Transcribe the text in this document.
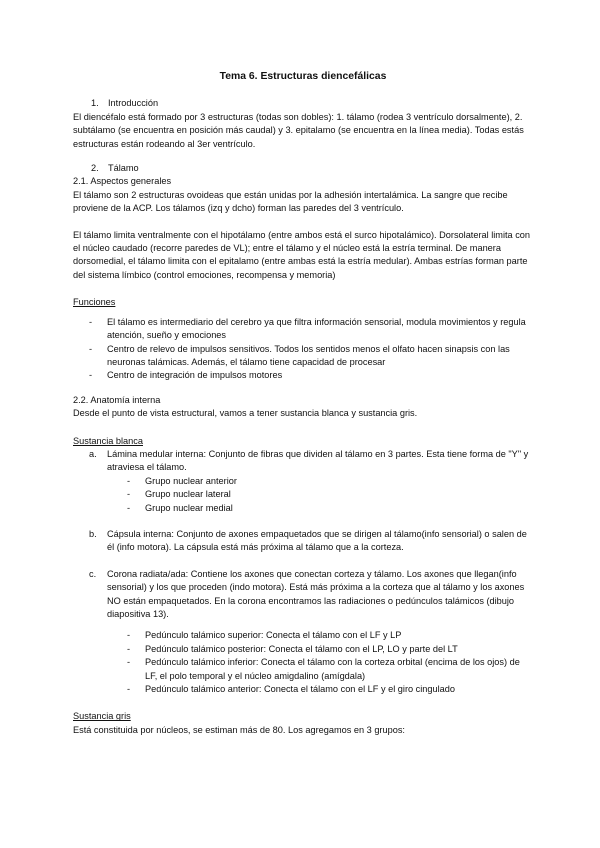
Tema 6. Estructuras diencefálicas

1. Introducción

El diencéfalo está formado por 3 estructuras (todas son dobles): 1. tálamo (rodea 3 ventrículo dorsalmente), 2. subtálamo (se encuentra en posición más caudal) y 3. epitalamo (se encuentra en la línea media). Todas estás estructuras están rodeando al 3er ventrículo.

2. Tálamo

2.1. Aspectos generales

El tálamo son 2 estructuras ovoideas que están unidas por la adhesión intertalámica. La sangre que recibe proviene de la ACP. Los tálamos (izq y dcho) forman las paredes del 3 ventrículo.

El tálamo limita ventralmente con el hipotálamo (entre ambos está el surco hipotalámico). Dorsolateral limita con el núcleo caudado (recorre paredes de VL); entre el tálamo y el núcleo está la estría terminal. De manera dorsomedial, el tálamo limita con el epitalamo (entre ambas está la estría medular). Ambas estrías forman parte del sistema límbico (control emociones, recompensa y memoria)

Funciones

- El tálamo es intermediario del cerebro ya que filtra información sensorial, modula movimientos y regula atención, sueño y emociones
- Centro de relevo de impulsos sensitivos. Todos los sentidos menos el olfato hacen sinapsis con las neuronas talámicas. Además, el tálamo tiene capacidad de procesar
- Centro de integración de impulsos motores

2.2. Anatomía interna

Desde el punto de vista estructural, vamos a tener sustancia blanca y sustancia gris.

Sustancia blanca

a. Lámina medular interna: Conjunto de fibras que dividen al tálamo en 3 partes. Esta tiene forma de "Y" y atraviesa el tálamo.
- Grupo nuclear anterior
- Grupo nuclear lateral
- Grupo nuclear medial
b. Cápsula interna: Conjunto de axones empaquetados que se dirigen al tálamo(info sensorial) o salen de él (info motora). La cápsula está más próxima al tálamo que a la corteza.
c. Corona radiata/ada: Contiene los axones que conectan corteza y tálamo. Los axones que llegan(info sensorial) y los que proceden (indo motora). Está más próxima a la corteza que al tálamo y los axones NO están empaquetados. En la corona encontramos las radiaciones o pedúnculos talámicos (dibujo diapositiva 13).
- Pedúnculo talámico superior: Conecta el tálamo con el LF y LP
- Pedúnculo talámico posterior: Conecta el tálamo con el LP, LO y parte del LT
- Pedúnculo talámico inferior: Conecta el tálamo con la corteza orbital (encima de los ojos) de LF, el polo temporal y el núcleo amigdalino (amígdala)
- Pedúnculo talámico anterior: Conecta el tálamo con el LF y el giro cingulado

Sustancia gris

Está constituida por núcleos, se estiman más de 80. Los agregamos en 3 grupos:
